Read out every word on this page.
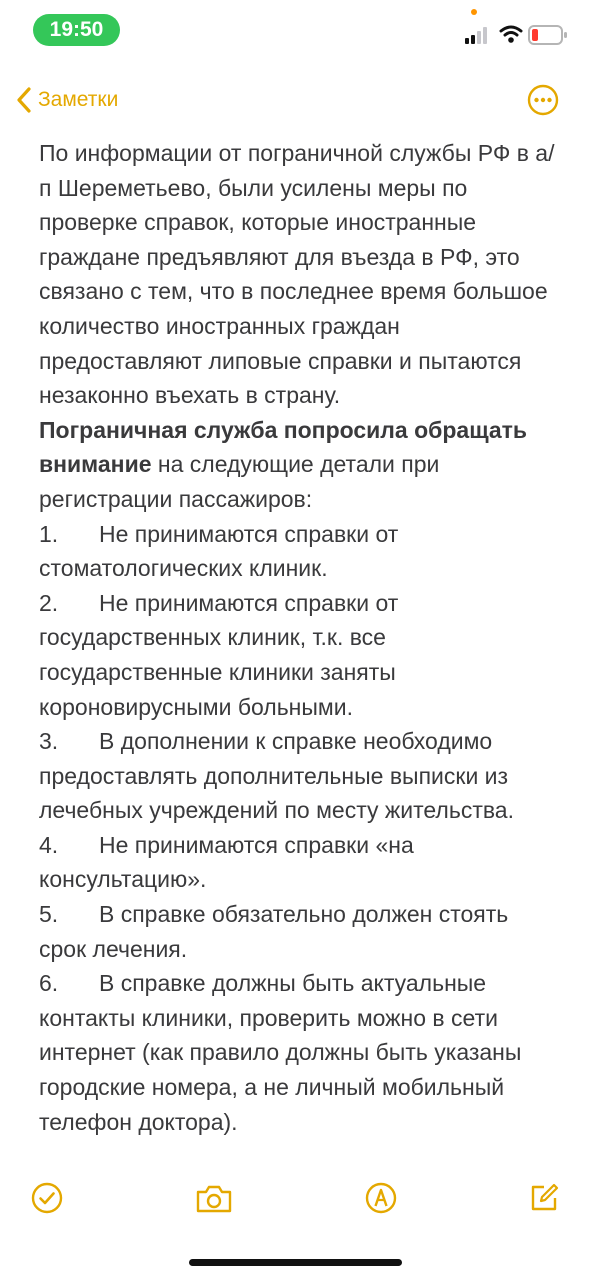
19:50
Заметки

По информации от пограничной службы РФ в а/п Шереметьево, были усилены меры по проверке справок, которые иностранные граждане предъявляют для въезда в РФ, это связано с тем, что в последнее время большое количество иностранных граждан предоставляют липовые справки и пытаются незаконно въехать в страну.

Пограничная служба попросила обращать внимание на следующие детали при регистрации пассажиров:

1. Не принимаются справки от стоматологических клиник.
2. Не принимаются справки от государственных клиник, т.к. все государственные клиники заняты короновирусными больными.
3. В дополнении к справке необходимо предоставлять дополнительные выписки из лечебных учреждений по месту жительства.
4. Не принимаются справки «на консультацию».
5. В справке обязательно должен стоять срок лечения.
6. В справке должны быть актуальные контакты клиники, проверить можно в сети интернет (как правило должны быть указаны городские номера, а не личный мобильный телефон доктора).
